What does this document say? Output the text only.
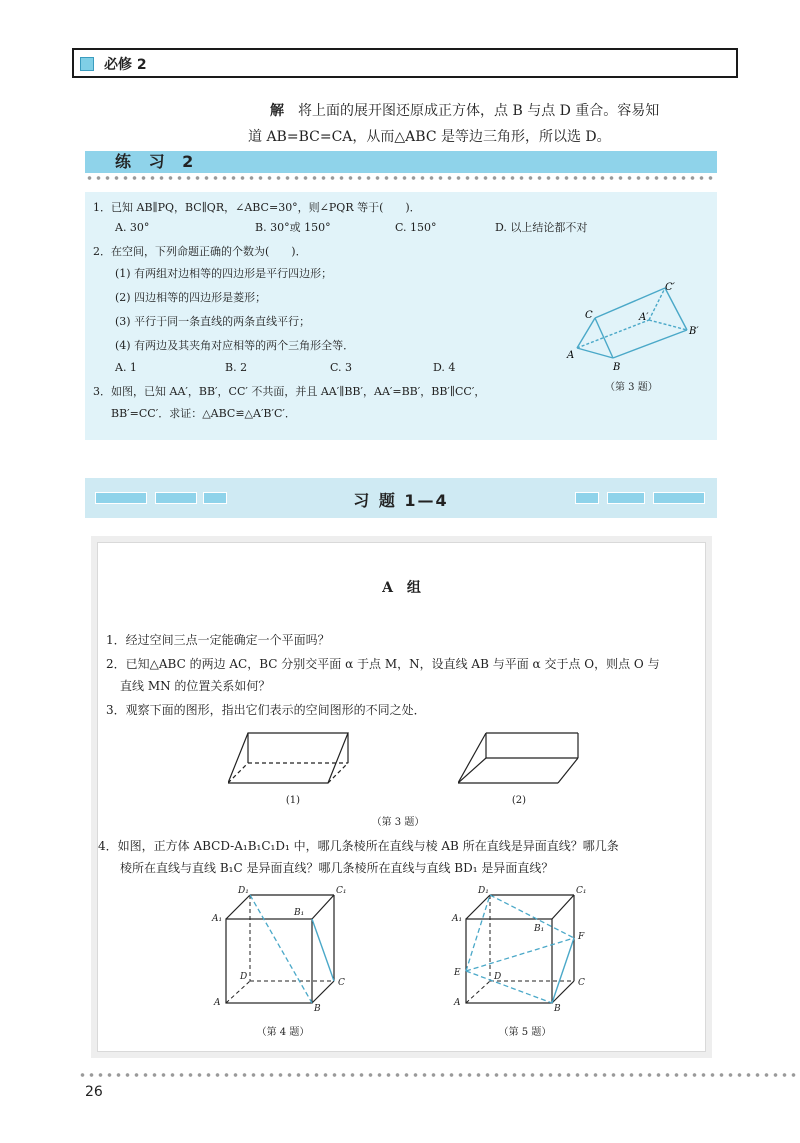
必修 2
解　 将上面的展开图还原成正方体，点 B 与点 D 重合。容易知
道 AB=BC=CA，从而△ABC 是等边三角形，所以选 D。
练 习 2
1．已知 AB∥PQ，BC∥QR，∠ABC=30°，则∠PQR 等于(　　)．
A. 30°	B. 30°或 150°	C. 150°	D. 以上结论都不对
2．在空间，下列命题正确的个数为(　　)．
(1) 有两组对边相等的四边形是平行四边形；
(2) 四边相等的四边形是菱形；
(3) 平行于同一条直线的两条直线平行；
(4) 有两边及其夹角对应相等的两个三角形全等．
A. 1	B. 2	C. 3	D. 4
3．如图，已知 AA′，BB′，CC′ 不共面，并且 AA′∥BB′，AA′=BB′，BB′∥CC′，
BB′=CC′．求证：△ABC≌△A′B′C′．
A
B
C	A′
B′
C′
（第 3 题）
习 题 1—4
A　组
1．经过空间三点一定能确定一个平面吗？
2．已知△ABC 的两边 AC，BC 分别交平面 α 于点 M，N，设直线 AB 与平面 α 交于点 O，则点 O 与
直线 MN 的位置关系如何？
3．观察下面的图形，指出它们表示的空间图形的不同之处．
(1)	(2)
（第 3 题）
4．如图，正方体 ABCD-A₁B₁C₁D₁ 中，哪几条棱所在直线与棱 AB 所在直线是异面直线？哪几条
棱所在直线与直线 B₁C 是异面直线？哪几条棱所在直线与直线 BD₁ 是异面直线？
D₁	C₁
A₁
B₁
D
C
A
B
（第 4 题）
D₁	C₁
A₁
B₁
F
E	D
C
A
B
（第 5 题）
26
